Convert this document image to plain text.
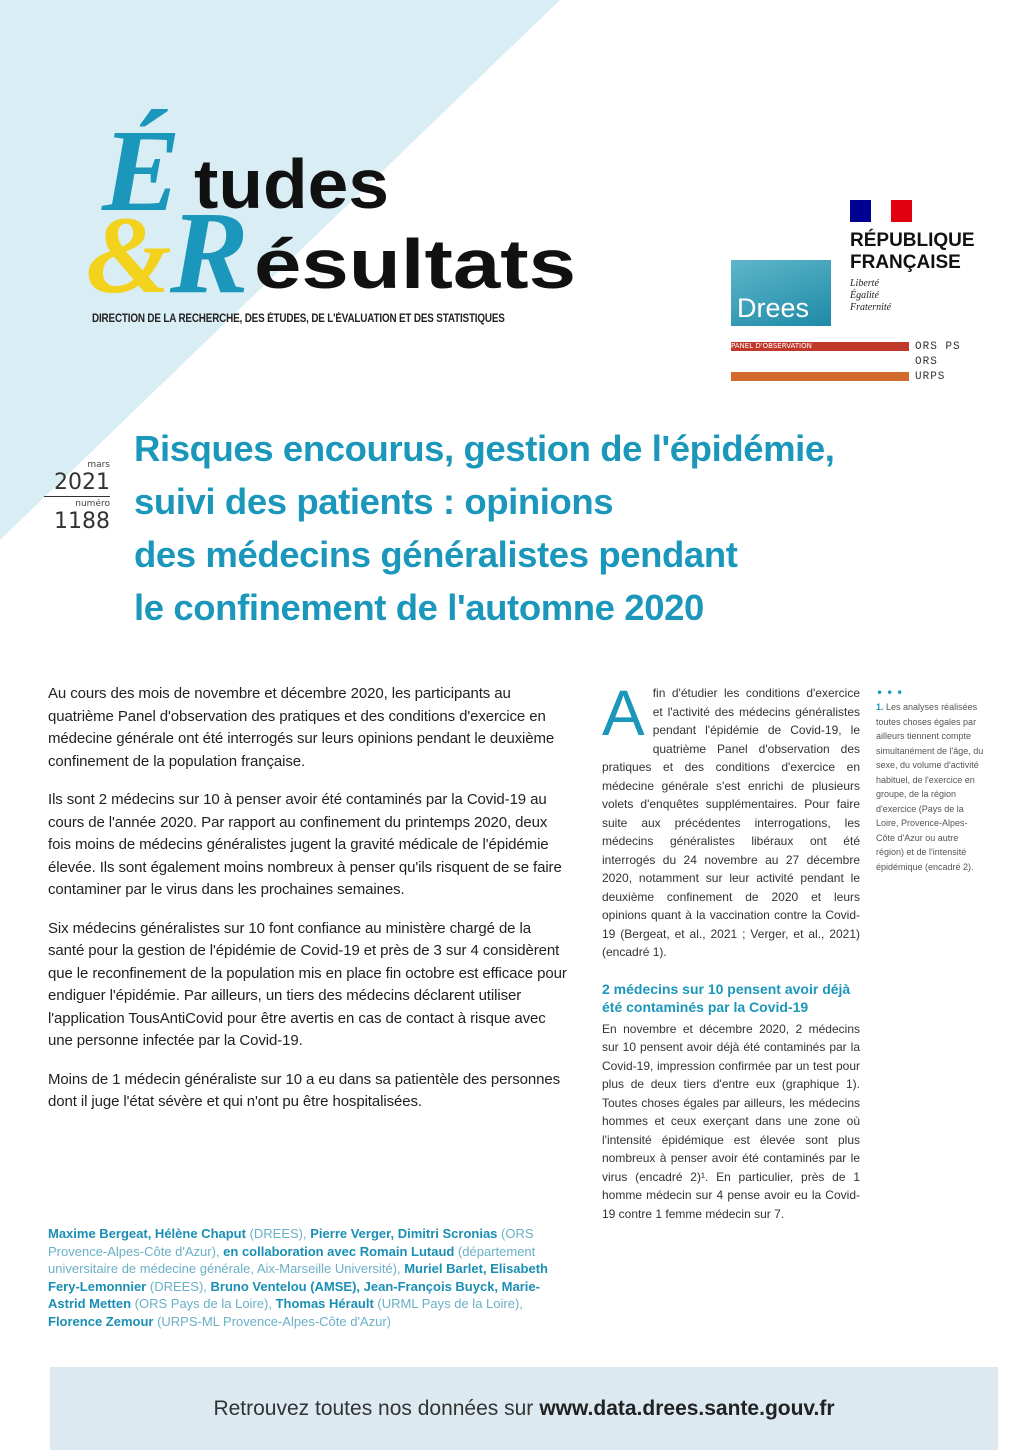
É tudes
&
R ésultats
DIRECTION DE LA RECHERCHE, DES ÉTUDES, DE L'ÉVALUATION ET DES STATISTIQUES
RÉPUBLIQUE
FRANÇAISE
Liberté
Égalité
Fraternité
Drees
PANEL D'OBSERVATION	ORS PS
ORS
URPS
mars
2021
numéro
1188
Risques encourus, gestion de l'épidémie,
suivi des patients : opinions
des médecins généralistes pendant
le confinement de l'automne 2020

Au cours des mois de novembre et décembre 2020, les participants au quatrième Panel d'observation des pratiques et des conditions d'exercice en médecine générale ont été interrogés sur leurs opinions pendant le deuxième confinement de la population française.

Ils sont 2 médecins sur 10 à penser avoir été contaminés par la Covid-19 au cours de l'année 2020. Par rapport au confinement du printemps 2020, deux fois moins de médecins généralistes jugent la gravité médicale de l'épidémie élevée. Ils sont également moins nombreux à penser qu'ils risquent de se faire contaminer par le virus dans les prochaines semaines.

Six médecins généralistes sur 10 font confiance au ministère chargé de la santé pour la gestion de l'épidémie de Covid-19 et près de 3 sur 4 considèrent que le reconfinement de la population mis en place fin octobre est efficace pour endiguer l'épidémie. Par ailleurs, un tiers des médecins déclarent utiliser l'application TousAntiCovid pour être avertis en cas de contact à risque avec une personne infectée par la Covid-19.

Moins de 1 médecin généraliste sur 10 a eu dans sa patientèle des personnes dont il juge l'état sévère et qui n'ont pu être hospitalisées.

Maxime Bergeat, Hélène Chaput (DREES), Pierre Verger, Dimitri Scronias (ORS Provence-Alpes-Côte d'Azur), en collaboration avec Romain Lutaud (département universitaire de médecine générale, Aix-Marseille Université), Muriel Barlet, Elisabeth Fery-Lemonnier (DREES), Bruno Ventelou (AMSE), Jean-François Buyck, Marie-Astrid Metten (ORS Pays de la Loire), Thomas Hérault (URML Pays de la Loire), Florence Zemour (URPS-ML Provence-Alpes-Côte d'Azur)

Afin d'étudier les conditions d'exercice et l'activité des médecins généralistes pendant l'épidémie de Covid-19, le quatrième Panel d'observation des pratiques et des conditions d'exercice en médecine générale s'est enrichi de plusieurs volets d'enquêtes supplémentaires. Pour faire suite aux précédentes interrogations, les médecins généralistes libéraux ont été interrogés du 24 novembre au 27 décembre 2020, notamment sur leur activité pendant le deuxième confinement de 2020 et leurs opinions quant à la vaccination contre la Covid-19 (Bergeat, et al., 2021 ; Verger, et al., 2021) (encadré 1).

2 médecins sur 10 pensent avoir déjà été contaminés par la Covid-19

En novembre et décembre 2020, 2 médecins sur 10 pensent avoir déjà été contaminés par la Covid-19, impression confirmée par un test pour plus de deux tiers d'entre eux (graphique 1). Toutes choses égales par ailleurs, les médecins hommes et ceux exerçant dans une zone où l'intensité épidémique est élevée sont plus nombreux à penser avoir été contaminés par le virus (encadré 2)¹. En particulier, près de 1 homme médecin sur 4 pense avoir eu la Covid-19 contre 1 femme médecin sur 7.

•••
1. Les analyses réalisées toutes choses égales par ailleurs tiennent compte simultanément de l'âge, du sexe, du volume d'activité habituel, de l'exercice en groupe, de la région d'exercice (Pays de la Loire, Provence-Alpes-Côte d'Azur ou autre région) et de l'intensité épidémique (encadré 2).
Retrouvez toutes nos données sur www.data.drees.sante.gouv.fr
